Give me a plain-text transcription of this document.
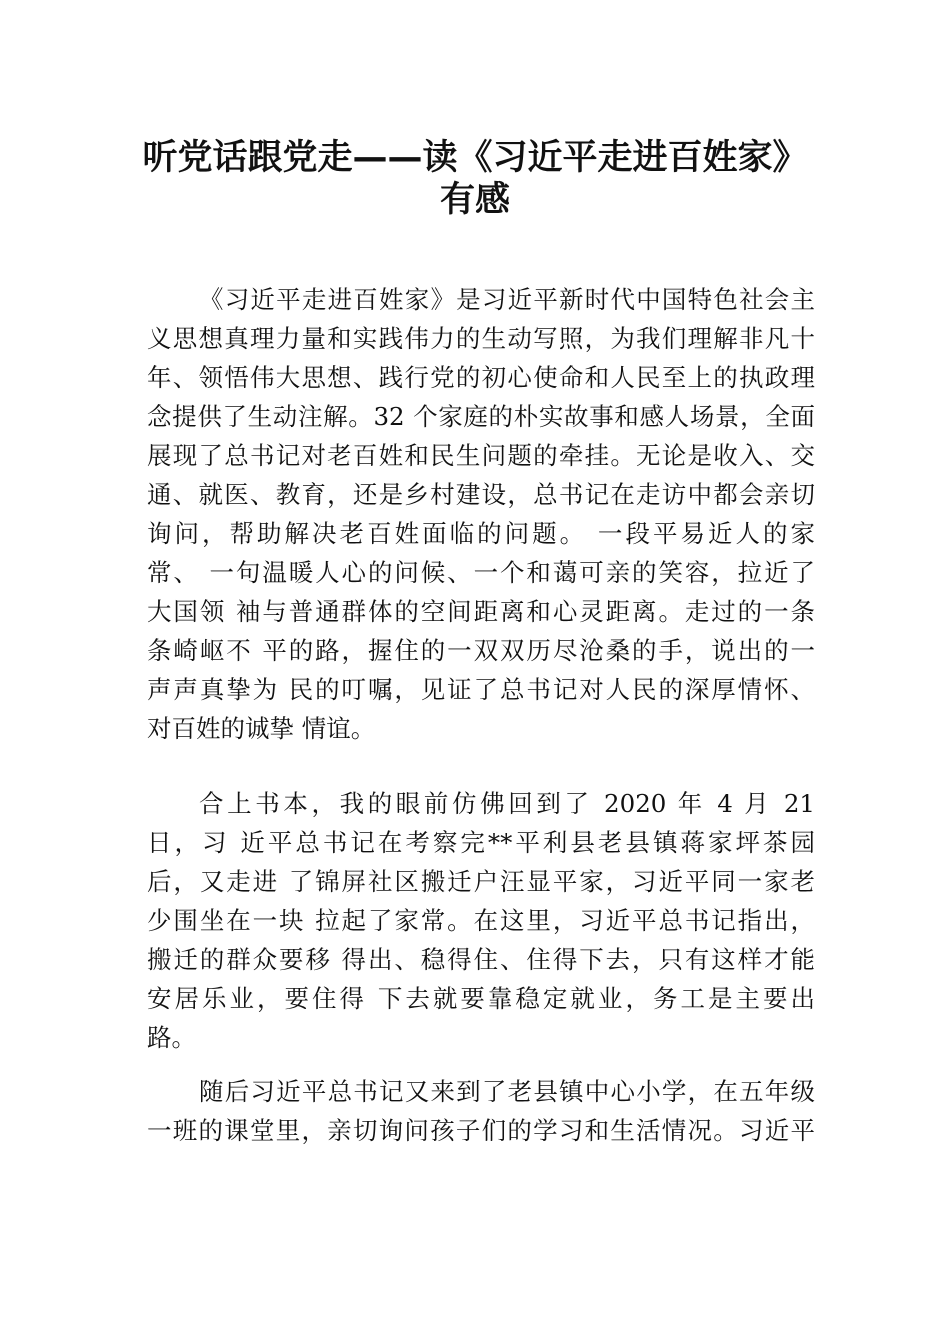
听党话跟党走——读《习近平走进百姓家》
有感
《习近平走进百姓家》是习近平新时代中国特色社会主
义思想真理力量和实践伟力的生动写照，为我们理解非凡十
年、领悟伟大思想、践行党的初心使命和人民至上的执政理
念提供了生动注解。32 个家庭的朴实故事和感人场景，全面
展现了总书记对老百姓和民生问题的牵挂。无论是收入、交
通、就医、教育，还是乡村建设，总书记在走访中都会亲切
询问，帮助解决老百姓面临的问题。 一段平易近人的家
常、 一句温暖人心的问候、一个和蔼可亲的笑容，拉近了
大国领 袖与普通群体的空间距离和心灵距离。走过的一条
条崎岖不 平的路，握住的一双双历尽沧桑的手，说出的一
声声真挚为 民的叮嘱，见证了总书记对人民的深厚情怀、
对百姓的诚挚 情谊。
合上书本，我的眼前仿佛回到了 2020 年 4 月 21
日，习 近平总书记在考察完**平利县老县镇蒋家坪茶园
后，又走进 了锦屏社区搬迁户汪显平家，习近平同一家老
少围坐在一块 拉起了家常。在这里，习近平总书记指出，
搬迁的群众要移 得出、稳得住、住得下去，只有这样才能
安居乐业，要住得 下去就要靠稳定就业，务工是主要出
路。
随后习近平总书记又来到了老县镇中心小学，在五年级
一班的课堂里，亲切询问孩子们的学习和生活情况。习近平
